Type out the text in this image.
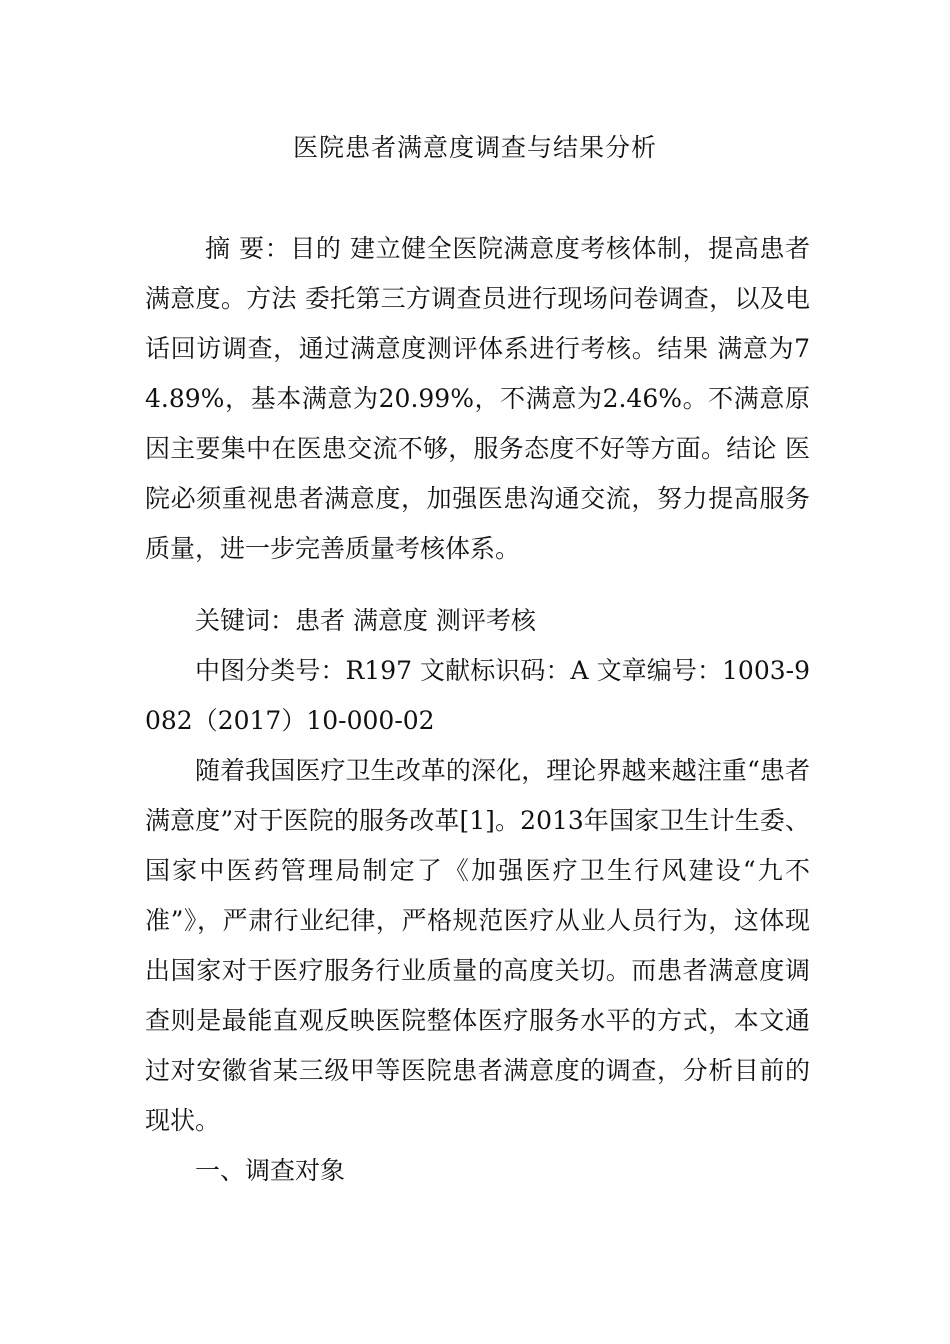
医院患者满意度调查与结果分析
摘 要：目的 建立健全医院满意度考核体制，提高患者满意度。方法 委托第三方调查员进行现场问卷调查，以及电话回访调查，通过满意度测评体系进行考核。结果 满意为74.89%，基本满意为20.99%，不满意为2.46%。不满意原因主要集中在医患交流不够，服务态度不好等方面。结论 医院必须重视患者满意度，加强医患沟通交流，努力提高服务质量，进一步完善质量考核体系。
关键词：患者 满意度 测评考核
中图分类号：R197 文献标识码：A 文章编号：1003-9082（2017）10-000-02
随着我国医疗卫生改革的深化，理论界越来越注重“患者满意度”对于医院的服务改革[1]。2013年国家卫生计生委、国家中医药管理局制定了《加强医疗卫生行风建设“九不准”》，严肃行业纪律，严格规范医疗从业人员行为，这体现出国家对于医疗服务行业质量的高度关切。而患者满意度调查则是最能直观反映医院整体医疗服务水平的方式，本文通过对安徽省某三级甲等医院患者满意度的调查，分析目前的现状。
一、调查对象
